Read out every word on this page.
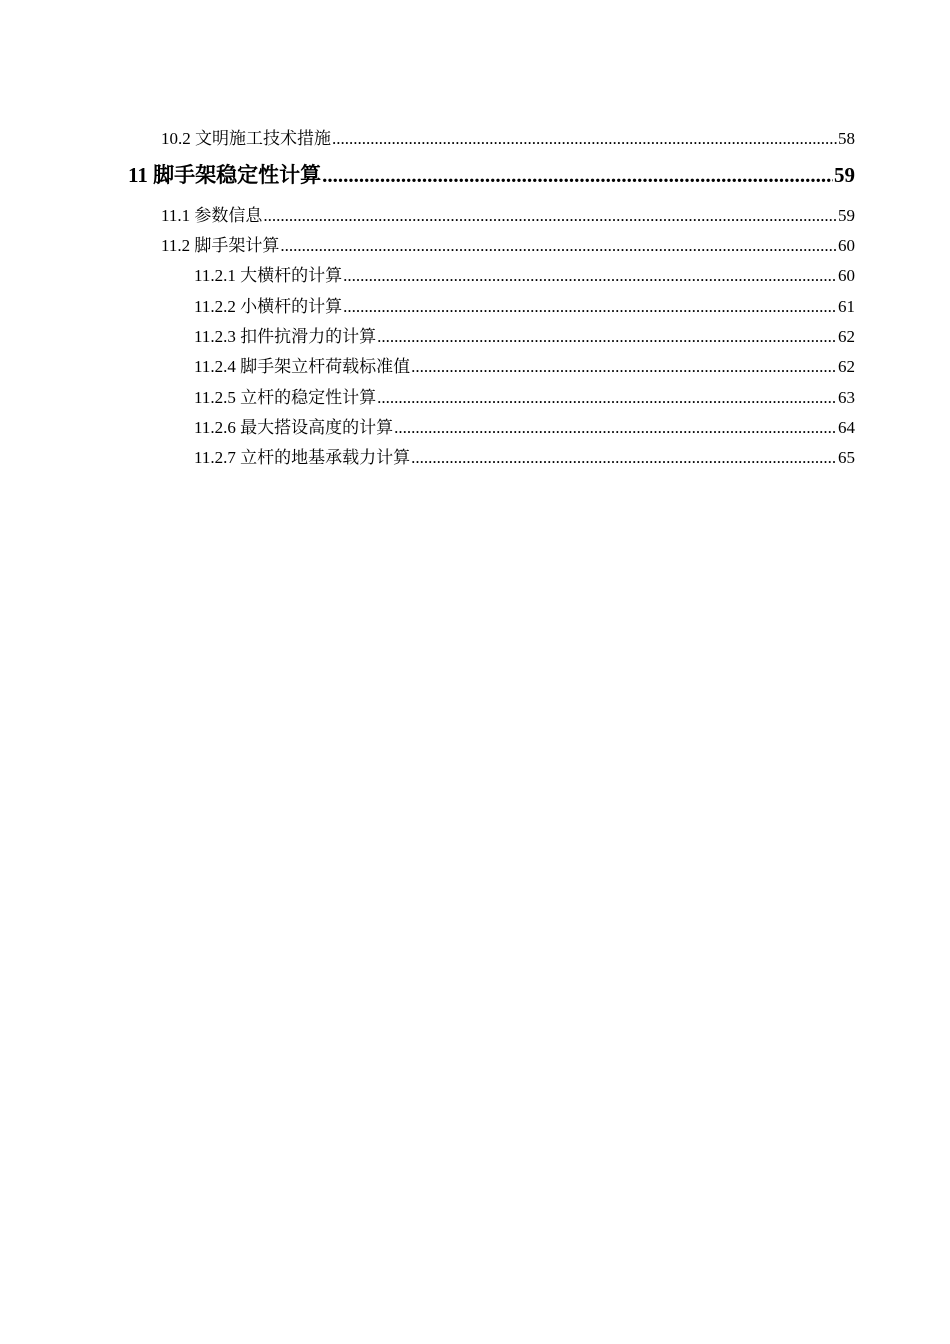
10.2 文明施工技术措施 .....	58
11 脚手架稳定性计算 .....	59
11.1 参数信息 .....	59
11.2 脚手架计算 .....	60
11.2.1 大横杆的计算 .....	60
11.2.2 小横杆的计算 .....	61
11.2.3 扣件抗滑力的计算 .....	62
11.2.4 脚手架立杆荷载标准值 .....	62
11.2.5 立杆的稳定性计算 .....	63
11.2.6 最大搭设高度的计算 .....	64
11.2.7 立杆的地基承载力计算 .....	65
